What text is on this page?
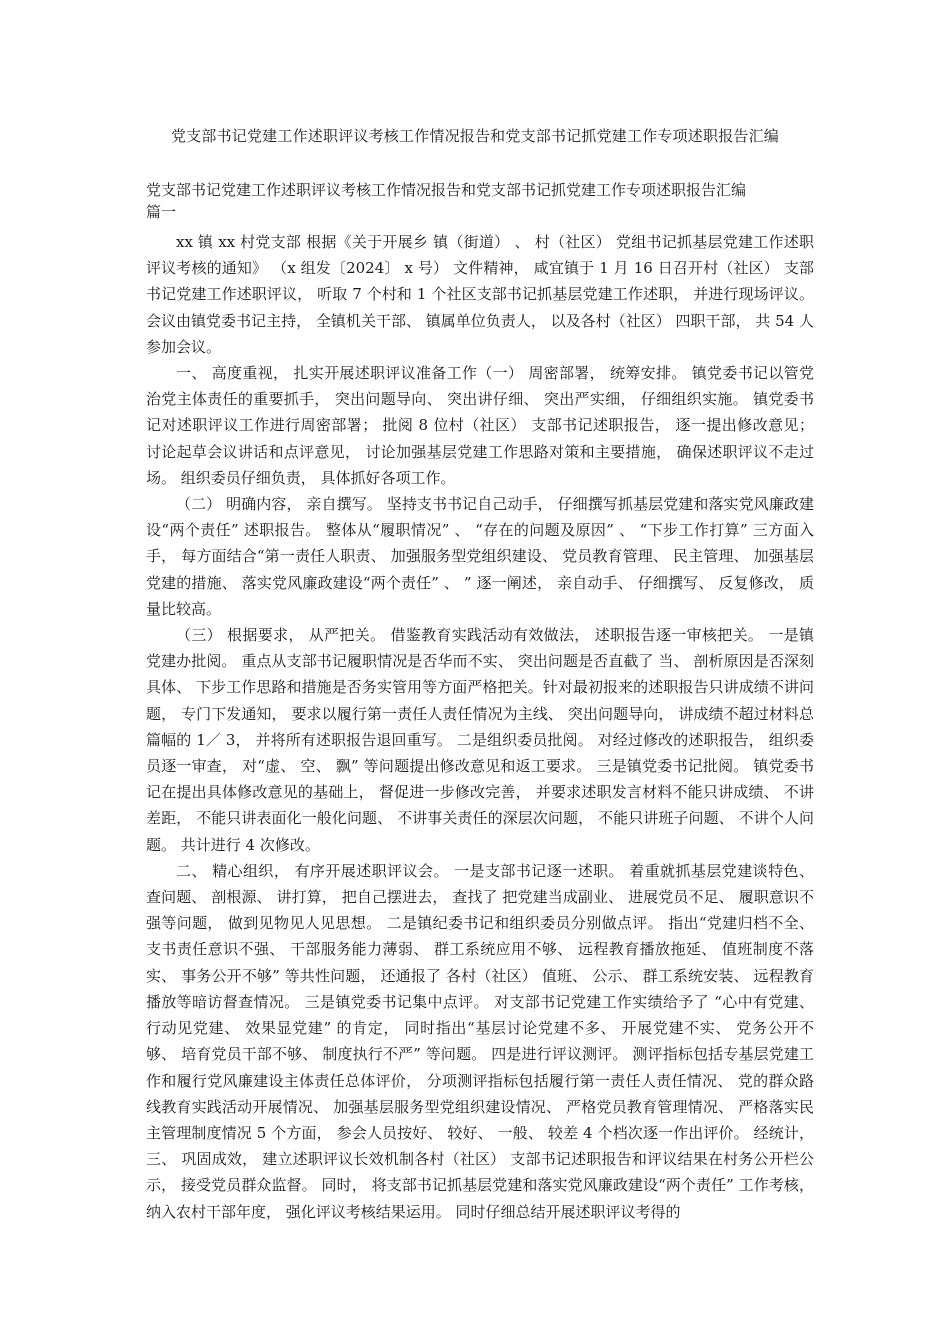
党支部书记党建工作述职评议考核工作情况报告和党支部书记抓党建工作专项述职报告汇编
党支部书记党建工作述职评议考核工作情况报告和党支部书记抓党建工作专项述职报告汇编
篇一

xx 镇 xx 村党支部 根据《关于开展乡 镇（街道） 、 村（社区） 党组书记抓基层党建工作述职评议考核的通知》 （x 组发〔2024〕 x 号） 文件精神， 咸宜镇于 1 月 16 日召开村（社区） 支部书记党建工作述职评议， 听取 7 个村和 1 个社区支部书记抓基层党建工作述职， 并进行现场评议。 会议由镇党委书记主持， 全镇机关干部、 镇属单位负责人， 以及各村（社区） 四职干部， 共 54 人参加会议。

一、 高度重视， 扎实开展述职评议准备工作（一） 周密部署， 统筹安排。 镇党委书记以管党治党主体责任的重要抓手， 突出问题导向、 突出讲仔细、 突出严实细， 仔细组织实施。 镇党委书记对述职评议工作进行周密部署； 批阅 8 位村（社区） 支部书记述职报告， 逐一提出修改意见； 讨论起草会议讲话和点评意见， 讨论加强基层党建工作思路对策和主要措施， 确保述职评议不走过场。 组织委员仔细负责， 具体抓好各项工作。

（二） 明确内容， 亲自撰写。 坚持支书书记自己动手， 仔细撰写抓基层党建和落实党风廉政建设“两个责任” 述职报告。 整体从“履职情况” 、 “存在的问题及原因” 、 “下步工作打算” 三方面入手， 每方面结合“第一责任人职责、 加强服务型党组织建设、 党员教育管理、 民主管理、 加强基层党建的措施、 落实党风廉政建设“两个责任” 、 ” 逐一阐述， 亲自动手、 仔细撰写、 反复修改， 质量比较高。

（三） 根据要求， 从严把关。 借鉴教育实践活动有效做法， 述职报告逐一审核把关。 一是镇党建办批阅。 重点从支部书记履职情况是否华而不实、 突出问题是否直截了 当、 剖析原因是否深刻具体、 下步工作思路和措施是否务实管用等方面严格把关。针对最初报来的述职报告只讲成绩不讲问题， 专门下发通知， 要求以履行第一责任人责任情况为主线、 突出问题导向， 讲成绩不超过材料总篇幅的 1／ 3， 并将所有述职报告退回重写。 二是组织委员批阅。 对经过修改的述职报告， 组织委员逐一审查， 对“虚、 空、 飘” 等问题提出修改意见和返工要求。 三是镇党委书记批阅。 镇党委书记在提出具体修改意见的基础上， 督促进一步修改完善， 并要求述职发言材料不能只讲成绩、 不讲差距， 不能只讲表面化一般化问题、 不讲事关责任的深层次问题， 不能只讲班子问题、 不讲个人问题。 共计进行 4 次修改。

二、 精心组织， 有序开展述职评议会。 一是支部书记逐一述职。 着重就抓基层党建谈特色、 查问题、 剖根源、 讲打算， 把自己摆进去， 查找了 把党建当成副业、 进展党员不足、 履职意识不强等问题， 做到见物见人见思想。 二是镇纪委书记和组织委员分别做点评。 指出“党建归档不全、 支书责任意识不强、 干部服务能力薄弱、 群工系统应用不够、 远程教育播放拖延、 值班制度不落实、 事务公开不够” 等共性问题， 还通报了 各村（社区） 值班、 公示、 群工系统安装、 远程教育播放等暗访督查情况。 三是镇党委书记集中点评。 对支部书记党建工作实绩给予了 “心中有党建、 行动见党建、 效果显党建” 的肯定， 同时指出“基层讨论党建不多、 开展党建不实、 党务公开不够、 培育党员干部不够、 制度执行不严” 等问题。 四是进行评议测评。 测评指标包括专基层党建工作和履行党风廉建设主体责任总体评价， 分项测评指标包括履行第一责任人责任情况、 党的群众路线教育实践活动开展情况、 加强基层服务型党组织建设情况、 严格党员教育管理情况、 严格落实民主管理制度情况 5 个方面， 参会人员按好、 较好、 一般、 较差 4 个档次逐一作出评价。 经统计， 三、 巩固成效， 建立述职评议长效机制各村（社区） 支部书记述职报告和评议结果在村务公开栏公示， 接受党员群众监督。 同时， 将支部书记抓基层党建和落实党风廉政建设“两个责任” 工作考核， 纳入农村干部年度， 强化评议考核结果运用。 同时仔细总结开展述职评议考得的
